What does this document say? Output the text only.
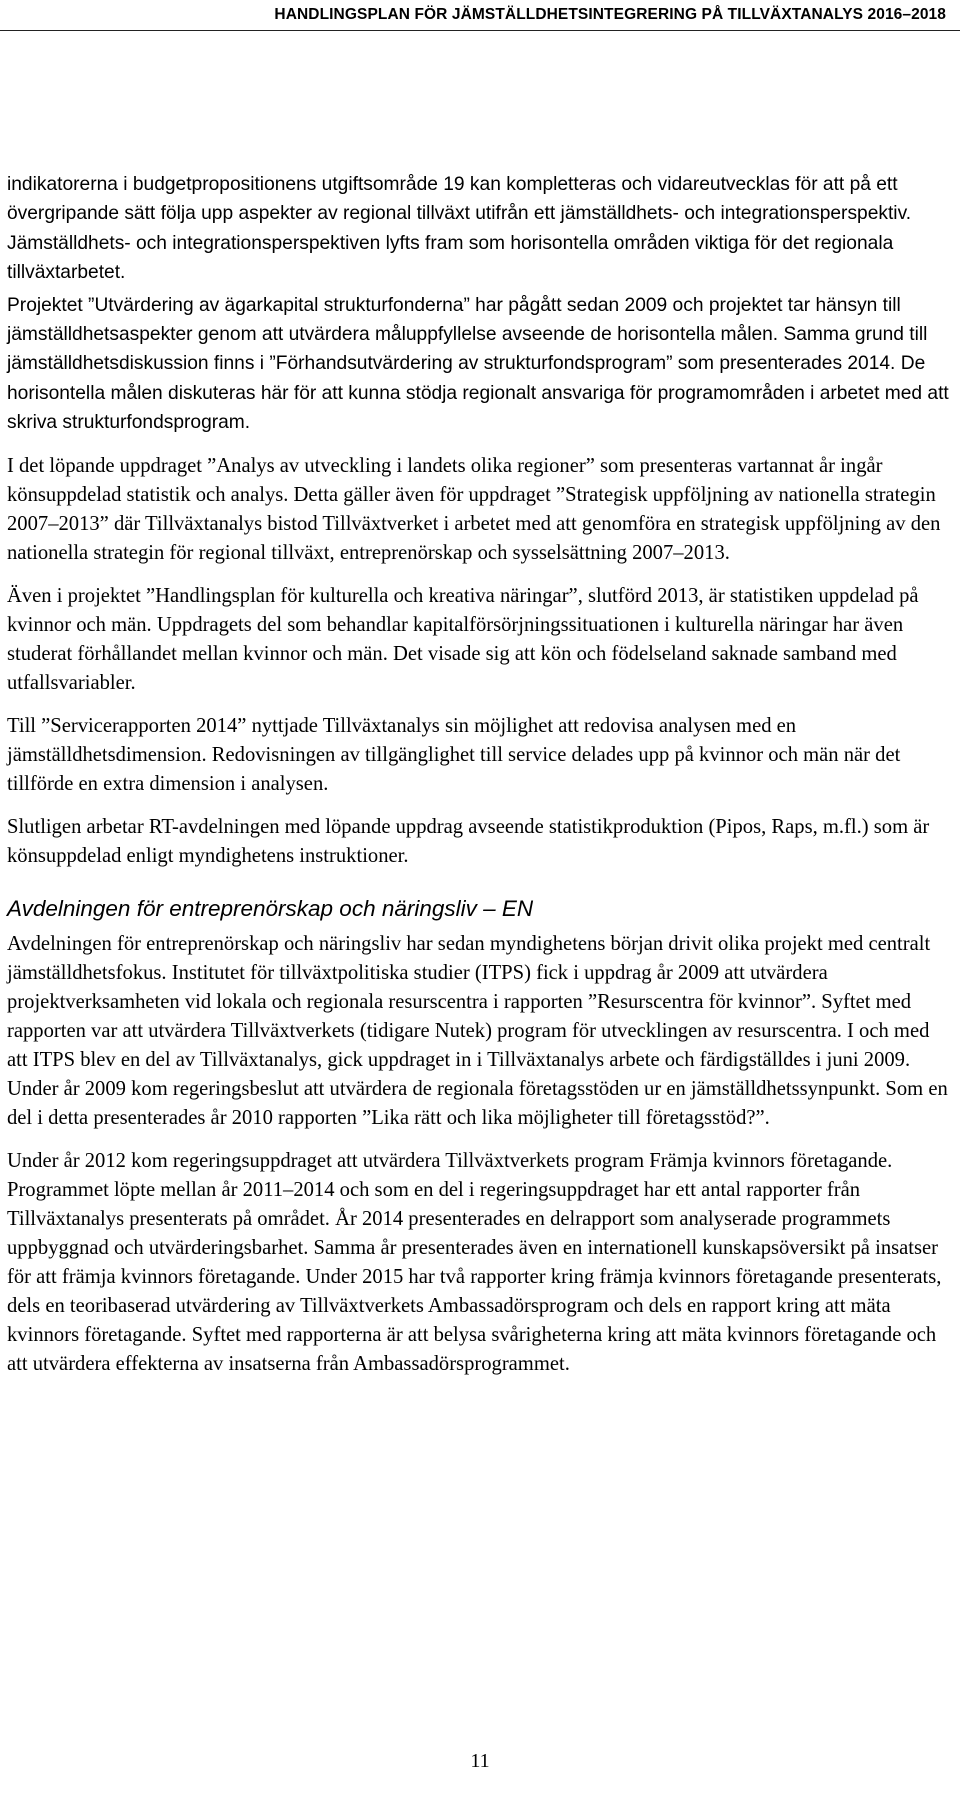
HANDLINGSPLAN FÖR JÄMSTÄLLDHETSINTEGRERING PÅ TILLVÄXTANALYS 2016–2018

indikatorerna i budgetpropositionens utgiftsområde 19 kan kompletteras och vidareutvecklas för att på ett övergripande sätt följa upp aspekter av regional tillväxt utifrån ett jämställdhets- och integrationsperspektiv. Jämställdhets- och integrationsperspektiven lyfts fram som horisontella områden viktiga för det regionala tillväxtarbetet.

Projektet ”Utvärdering av ägarkapital strukturfonderna” har pågått sedan 2009 och projektet tar hänsyn till jämställdhetsaspekter genom att utvärdera måluppfyllelse avseende de horisontella målen. Samma grund till jämställdhetsdiskussion finns i ”Förhandsutvärdering av strukturfondsprogram” som presenterades 2014. De horisontella målen diskuteras här för att kunna stödja regionalt ansvariga för programområden i arbetet med att skriva strukturfondsprogram.

I det löpande uppdraget ”Analys av utveckling i landets olika regioner” som presenteras vartannat år ingår könsuppdelad statistik och analys. Detta gäller även för uppdraget ”Strategisk uppföljning av nationella strategin 2007–2013” där Tillväxtanalys bistod Tillväxtverket i arbetet med att genomföra en strategisk uppföljning av den nationella strategin för regional tillväxt, entreprenörskap och sysselsättning 2007–2013.

Även i projektet ”Handlingsplan för kulturella och kreativa näringar”, slutförd 2013, är statistiken uppdelad på kvinnor och män. Uppdragets del som behandlar kapitalförsörjningssituationen i kulturella näringar har även studerat förhållandet mellan kvinnor och män. Det visade sig att kön och födelseland saknade samband med utfallsvariabler.

Till ”Servicerapporten 2014” nyttjade Tillväxtanalys sin möjlighet att redovisa analysen med en jämställdhetsdimension. Redovisningen av tillgänglighet till service delades upp på kvinnor och män när det tillförde en extra dimension i analysen.

Slutligen arbetar RT-avdelningen med löpande uppdrag avseende statistikproduktion (Pipos, Raps, m.fl.) som är könsuppdelad enligt myndighetens instruktioner.

Avdelningen för entreprenörskap och näringsliv – EN

Avdelningen för entreprenörskap och näringsliv har sedan myndighetens början drivit olika projekt med centralt jämställdhetsfokus. Institutet för tillväxtpolitiska studier (ITPS) fick i uppdrag år 2009 att utvärdera projektverksamheten vid lokala och regionala resurscentra i rapporten ”Resurscentra för kvinnor”. Syftet med rapporten var att utvärdera Tillväxtverkets (tidigare Nutek) program för utvecklingen av resurscentra. I och med att ITPS blev en del av Tillväxtanalys, gick uppdraget in i Tillväxtanalys arbete och färdigställdes i juni 2009. Under år 2009 kom regeringsbeslut att utvärdera de regionala företagsstöden ur en jämställdhetssynpunkt. Som en del i detta presenterades år 2010 rapporten ”Lika rätt och lika möjligheter till företagsstöd?”.

Under år 2012 kom regeringsuppdraget att utvärdera Tillväxtverkets program Främja kvinnors företagande. Programmet löpte mellan år 2011–2014 och som en del i regeringsuppdraget har ett antal rapporter från Tillväxtanalys presenterats på området. År 2014 presenterades en delrapport som analyserade programmets uppbyggnad och utvärderingsbarhet. Samma år presenterades även en internationell kunskapsöversikt på insatser för att främja kvinnors företagande. Under 2015 har två rapporter kring främja kvinnors företagande presenterats, dels en teoribaserad utvärdering av Tillväxtverkets Ambassadörsprogram och dels en rapport kring att mäta kvinnors företagande. Syftet med rapporterna är att belysa svårigheterna kring att mäta kvinnors företagande och att utvärdera effekterna av insatserna från Ambassadörsprogrammet.

11
